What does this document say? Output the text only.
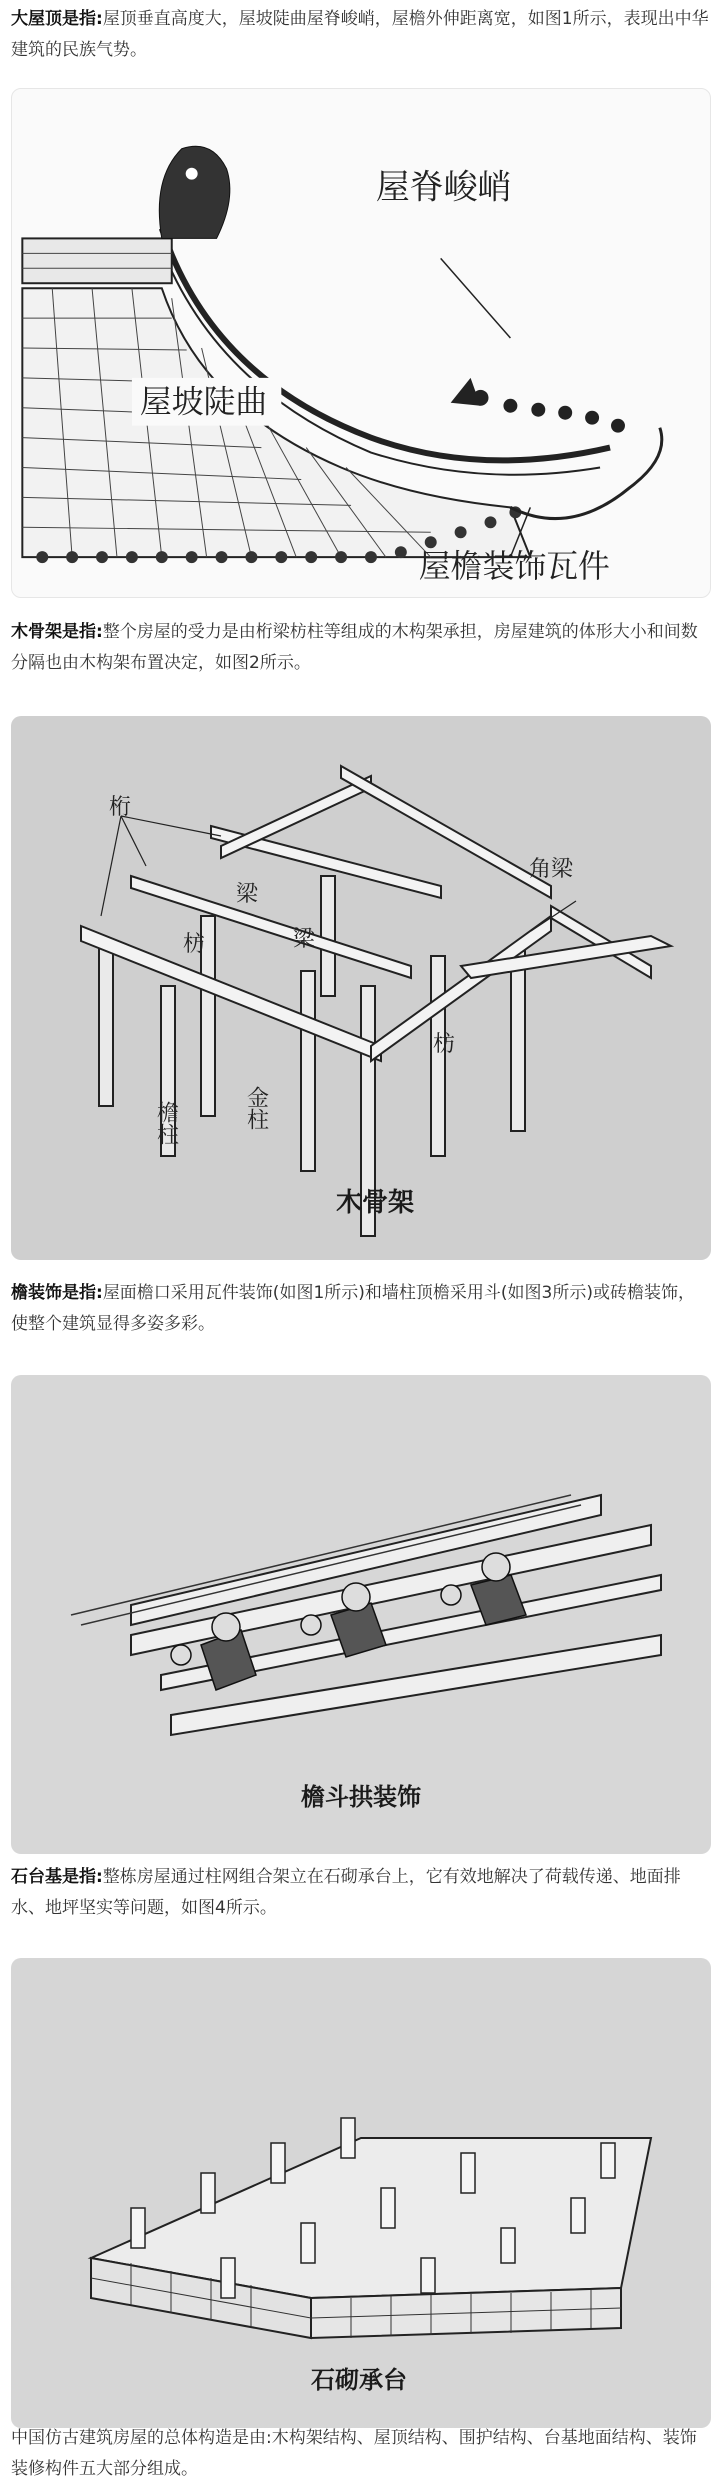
大屋顶是指:屋顶垂直高度大，屋坡陡曲屋脊峻峭，屋檐外伸距离宽，如图1所示，表现出中华建筑的民族气势。

屋脊峻峭
屋坡陡曲
屋檐装饰瓦件

木骨架是指:整个房屋的受力是由桁梁枋柱等组成的木构架承担，房屋建筑的体形大小和间数分隔也由木构架布置决定，如图2所示。

桁
梁
梁
枋
枋
角梁
檐柱	金柱
木骨架

檐装饰是指:屋面檐口采用瓦件装饰(如图1所示)和墙柱顶檐采用斗(如图3所示)或砖檐装饰，使整个建筑显得多姿多彩。

檐斗拱装饰

石台基是指:整栋房屋通过柱网组合架立在石砌承台上，它有效地解决了荷载传递、地面排水、地坪坚实等问题，如图4所示。

石砌承台

中国仿古建筑房屋的总体构造是由:木构架结构、屋顶结构、围护结构、台基地面结构、装饰装修构件五大部分组成。
